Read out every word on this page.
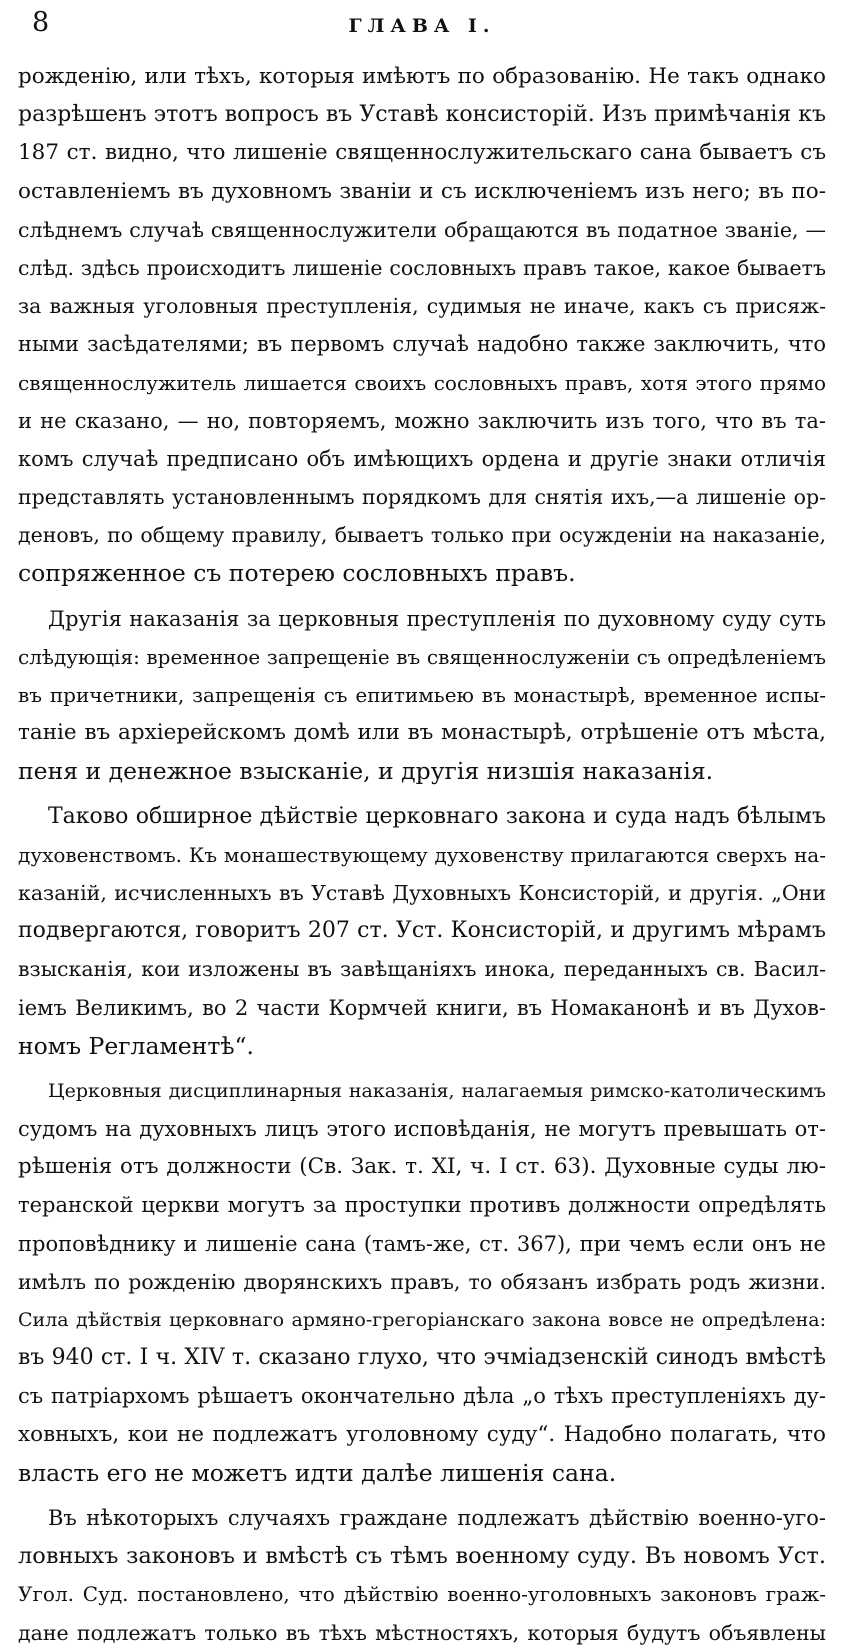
8	ГЛАВА I.
рожденію, или тѣхъ, которыя имѣютъ по образованію. Не такъ однако
разрѣшенъ этотъ вопросъ въ Уставѣ консисторій. Изъ примѣчанія къ
187 ст. видно, что лишеніе священнослужительскаго сана бываетъ съ
оставленіемъ въ духовномъ званіи и съ исключеніемъ изъ него; въ по-
слѣднемъ случаѣ священнослужители обращаются въ податное званіе, —
слѣд. здѣсь происходитъ лишеніе сословныхъ правъ такое, какое бываетъ
за важныя уголовныя преступленія, судимыя не иначе, какъ съ присяж-
ными засѣдателями; въ первомъ случаѣ надобно также заключить, что
священнослужитель лишается своихъ сословныхъ правъ, хотя этого прямо
и не сказано, — но, повторяемъ, можно заключить изъ того, что въ та-
комъ случаѣ предписано объ имѣющихъ ордена и другіе знаки отличія
представлять установленнымъ порядкомъ для снятія ихъ,—а лишеніе ор-
деновъ, по общему правилу, бываетъ только при осужденіи на наказаніе,
сопряженное съ потерею сословныхъ правъ.
Другія наказанія за церковныя преступленія по духовному суду суть
слѣдующія: временное запрещеніе въ священнослуженіи съ опредѣленіемъ
въ причетники, запрещенія съ епитимьею въ монастырѣ, временное испы-
таніе въ архіерейскомъ домѣ или въ монастырѣ, отрѣшеніе отъ мѣста,
пеня и денежное взысканіе, и другія низшія наказанія.
Таково обширное дѣйствіе церковнаго закона и суда надъ бѣлымъ
духовенствомъ. Къ монашествующему духовенству прилагаются сверхъ на-
казаній, исчисленныхъ въ Уставѣ Духовныхъ Консисторій, и другія. „Они
подвергаются, говоритъ 207 ст. Уст. Консисторій, и другимъ мѣрамъ
взысканія, кои изложены въ завѣщаніяхъ инока, переданныхъ св. Васил-
іемъ Великимъ, во 2 части Кормчей книги, въ Номаканонѣ и въ Духов-
номъ Регламентѣ“.
Церковныя дисциплинарныя наказанія, налагаемыя римско-католическимъ
судомъ на духовныхъ лицъ этого исповѣданія, не могутъ превышать от-
рѣшенія отъ должности (Св. Зак. т. XI, ч. I ст. 63). Духовные суды лю-
теранской церкви могутъ за проступки противъ должности опредѣлять
проповѣднику и лишеніе сана (тамъ-же, ст. 367), при чемъ если онъ не
имѣлъ по рожденію дворянскихъ правъ, то обязанъ избрать родъ жизни.
Сила дѣйствія церковнаго армяно-грегоріанскаго закона вовсе не опредѣлена:
въ 940 ст. I ч. XIV т. сказано глухо, что эчміадзенскій синодъ вмѣстѣ
съ патріархомъ рѣшаетъ окончательно дѣла „о тѣхъ преступленіяхъ ду-
ховныхъ, кои не подлежатъ уголовному суду“. Надобно полагать, что
власть его не можетъ идти далѣе лишенія сана.
Въ нѣкоторыхъ случаяхъ граждане подлежатъ дѣйствію военно-уго-
ловныхъ законовъ и вмѣстѣ съ тѣмъ военному суду. Въ новомъ Уст.
Угол. Суд. постановлено, что дѣйствію военно-уголовныхъ законовъ граж-
дане подлежатъ только въ тѣхъ мѣстностяхъ, которыя будутъ объявлены
